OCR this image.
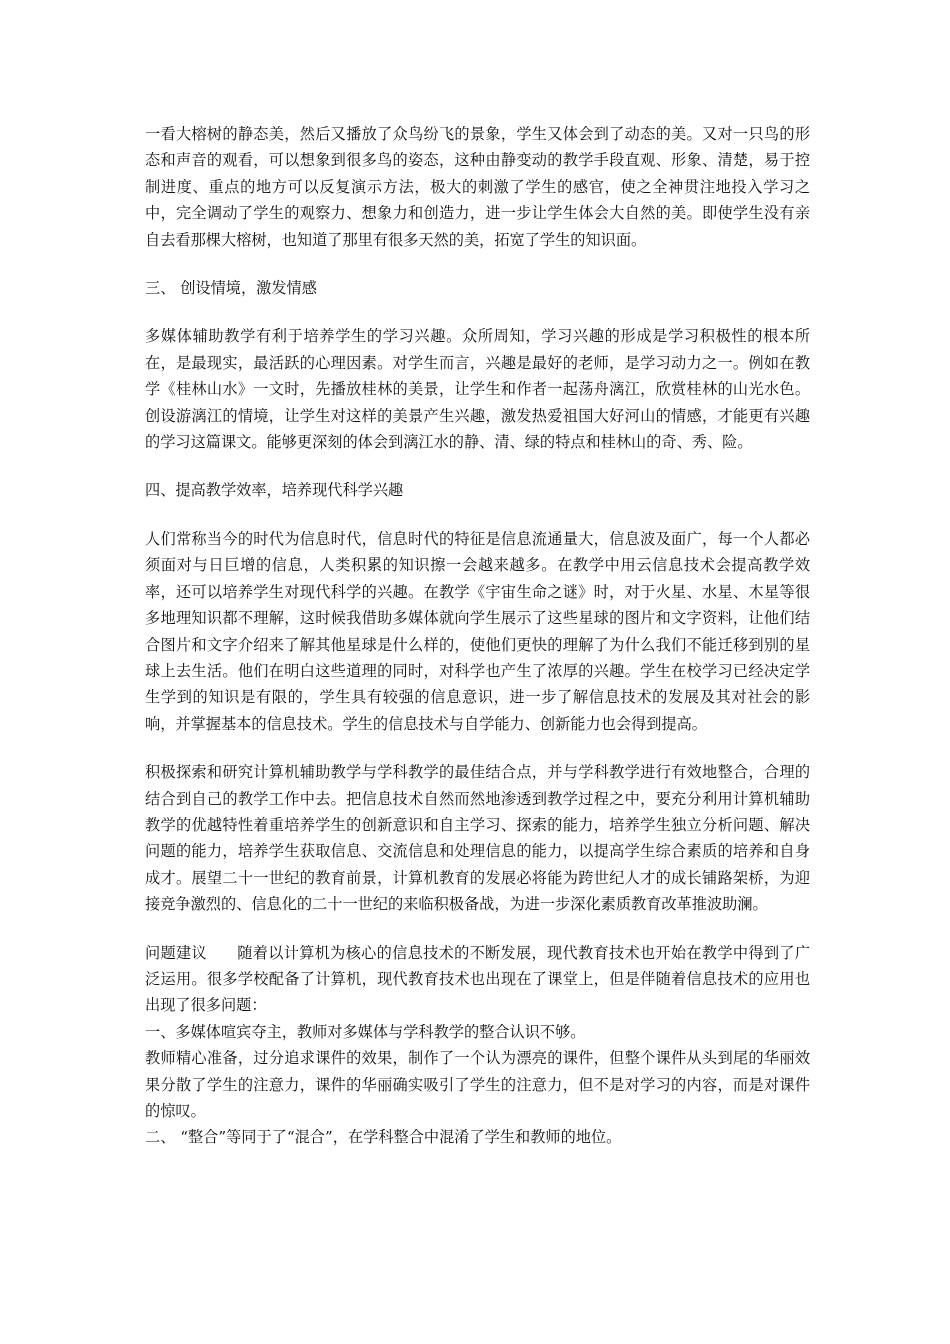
一看大榕树的静态美，然后又播放了众鸟纷飞的景象，学生又体会到了动态的美。又对一只鸟的形态和声音的观看，可以想象到很多鸟的姿态，这种由静变动的教学手段直观、形象、清楚，易于控制进度、重点的地方可以反复演示方法，极大的刺激了学生的感官，使之全神贯注地投入学习之中，完全调动了学生的观察力、想象力和创造力，进一步让学生体会大自然的美。即使学生没有亲自去看那棵大榕树，也知道了那里有很多天然的美，拓宽了学生的知识面。

三、 创设情境，激发情感

多媒体辅助教学有利于培养学生的学习兴趣。众所周知，学习兴趣的形成是学习积极性的根本所在，是最现实，最活跃的心理因素。对学生而言，兴趣是最好的老师，是学习动力之一。例如在教学《桂林山水》一文时，先播放桂林的美景，让学生和作者一起荡舟漓江，欣赏桂林的山光水色。创设游漓江的情境，让学生对这样的美景产生兴趣，激发热爱祖国大好河山的情感，才能更有兴趣的学习这篇课文。能够更深刻的体会到漓江水的静、清、绿的特点和桂林山的奇、秀、险。

四、提高教学效率，培养现代科学兴趣

人们常称当今的时代为信息时代，信息时代的特征是信息流通量大，信息波及面广，每一个人都必须面对与日巨增的信息，人类积累的知识擦一会越来越多。在教学中用云信息技术会提高教学效率，还可以培养学生对现代科学的兴趣。在教学《宇宙生命之谜》时，对于火星、水星、木星等很多地理知识都不理解，这时候我借助多媒体就向学生展示了这些星球的图片和文字资料，让他们结合图片和文字介绍来了解其他星球是什么样的，使他们更快的理解了为什么我们不能迁移到别的星球上去生活。他们在明白这些道理的同时，对科学也产生了浓厚的兴趣。学生在校学习已经决定学生学到的知识是有限的，学生具有较强的信息意识，进一步了解信息技术的发展及其对社会的影响，并掌握基本的信息技术。学生的信息技术与自学能力、创新能力也会得到提高。

积极探索和研究计算机辅助教学与学科教学的最佳结合点，并与学科教学进行有效地整合，合理的结合到自己的教学工作中去。把信息技术自然而然地渗透到教学过程之中，要充分利用计算机辅助教学的优越特性着重培养学生的创新意识和自主学习、探索的能力，培养学生独立分析问题、解决问题的能力，培养学生获取信息、交流信息和处理信息的能力，以提高学生综合素质的培养和自身成才。展望二十一世纪的教育前景，计算机教育的发展必将能为跨世纪人才的成长铺路架桥，为迎接竞争激烈的、信息化的二十一世纪的来临积极备战，为进一步深化素质教育改革推波助澜。

问题建议 随着以计算机为核心的信息技术的不断发展，现代教育技术也开始在教学中得到了广泛运用。很多学校配备了计算机，现代教育技术也出现在了课堂上，但是伴随着信息技术的应用也出现了很多问题：

一、多媒体喧宾夺主，教师对多媒体与学科教学的整合认识不够。

教师精心准备，过分追求课件的效果，制作了一个认为漂亮的课件，但整个课件从头到尾的华丽效果分散了学生的注意力，课件的华丽确实吸引了学生的注意力，但不是对学习的内容，而是对课件的惊叹。

二、 “整合”等同于了“混合”，在学科整合中混淆了学生和教师的地位。
